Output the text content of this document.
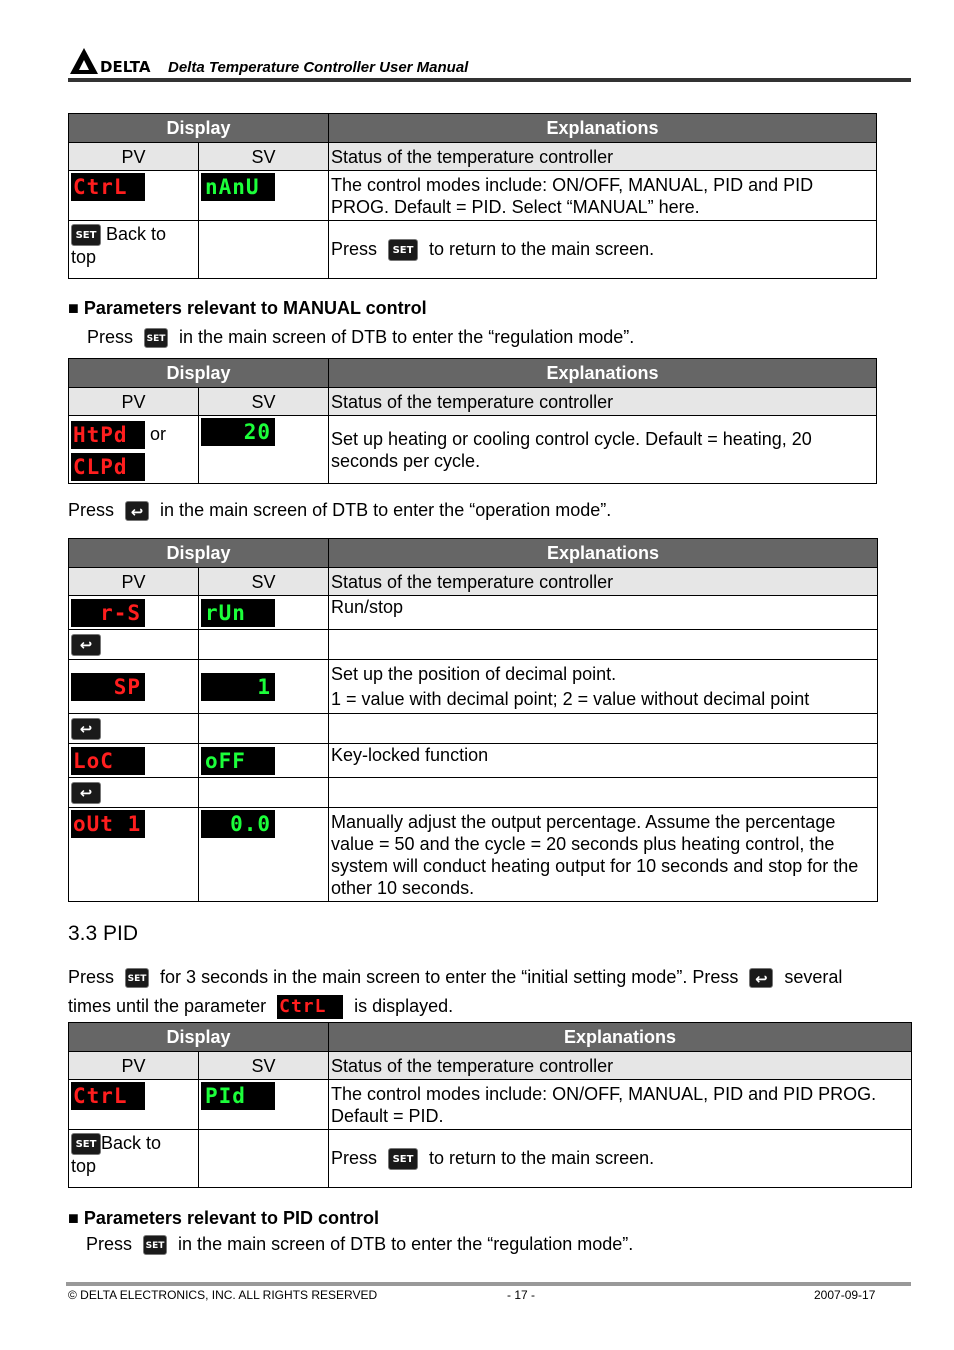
DELTA Delta Temperature Controller User Manual
Display		Explanations
PV	SV	Status of the temperature controller
CtrL	nAnU	The control modes include: ON/OFF, MANUAL, PID and PID PROG. Default = PID. Select “MANUAL” here.
SET Back to
top		Press SET to return to the main screen.
■ Parameters relevant to MANUAL control
Press SET in the main screen of DTB to enter the “regulation mode”.
Display		Explanations
PV	SV	Status of the temperature controller
HtPd or
CLPd	20	Set up heating or cooling control cycle. Default = heating, 20 seconds per cycle.
Press ↩ in the main screen of DTB to enter the “operation mode”.
Display		Explanations
PV	SV	Status of the temperature controller
r-S	rUn	Run/stop
↩		
SP	1	Set up the position of decimal point.
1 = value with decimal point; 2 = value without decimal point
↩		
LoC	oFF	Key-locked function
↩		
oUt 1	0.0	Manually adjust the output percentage. Assume the percentage value = 50 and the cycle = 20 seconds plus heating control, the system will conduct heating output for 10 seconds and stop for the other 10 seconds.
3.3 PID
Press SET for 3 seconds in the main screen to enter the “initial setting mode”. Press ↩ several
times until the parameter CtrL is displayed.
Display		Explanations
PV	SV	Status of the temperature controller
CtrL	PId	The control modes include: ON/OFF, MANUAL, PID and PID PROG. Default = PID.
SET Back to
top		Press SET to return to the main screen.
■ Parameters relevant to PID control
Press SET in the main screen of DTB to enter the “regulation mode”.
© DELTA ELECTRONICS, INC. ALL RIGHTS RESERVED	- 17 -	2007-09-17
